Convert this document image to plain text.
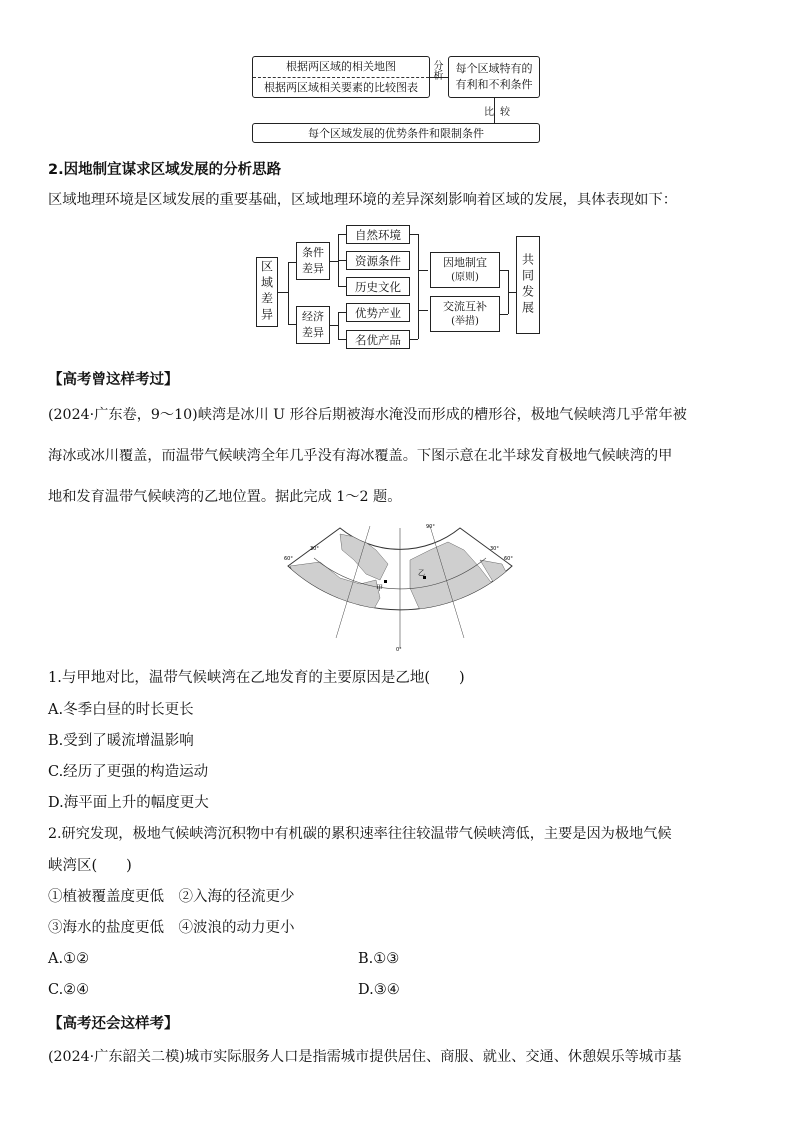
根据两区域的相关地图
根据两区域相关要素的比较图表
分析 每个区域特有的有利和不利条件
比较
每个区域发展的优势条件和限制条件
2.因地制宜谋求区域发展的分析思路
区域地理环境是区域发展的重要基础，区域地理环境的差异深刻影响着区域的发展，具体表现如下：
区域差异
条件差异
经济差异
自然环境
资源条件
历史文化
优势产业
名优产品
因地制宜
(原则)
交流互补
(举措)
共同发展
【高考曾这样考过】
(2024·广东卷，9～10)峡湾是冰川 U 形谷后期被海水淹没而形成的槽形谷，极地气候峡湾几乎常年被
海冰或冰川覆盖，而温带气候峡湾全年几乎没有海冰覆盖。下图示意在北半球发育极地气候峡湾的甲
地和发育温带气候峡湾的乙地位置。据此完成 1～2 题。
甲
乙
0°
60°
30°
90°
30°
60°
1.与甲地对比，温带气候峡湾在乙地发育的主要原因是乙地(　　)
A.冬季白昼的时长更长
B.受到了暖流增温影响
C.经历了更强的构造运动
D.海平面上升的幅度更大
2.研究发现，极地气候峡湾沉积物中有机碳的累积速率往往较温带气候峡湾低，主要是因为极地气候
峡湾区(　　)
①植被覆盖度更低　②入海的径流更少
③海水的盐度更低　④波浪的动力更小
A.①②	B.①③
C.②④	D.③④
【高考还会这样考】
(2024·广东韶关二模)城市实际服务人口是指需城市提供居住、商服、就业、交通、休憩娱乐等城市基
